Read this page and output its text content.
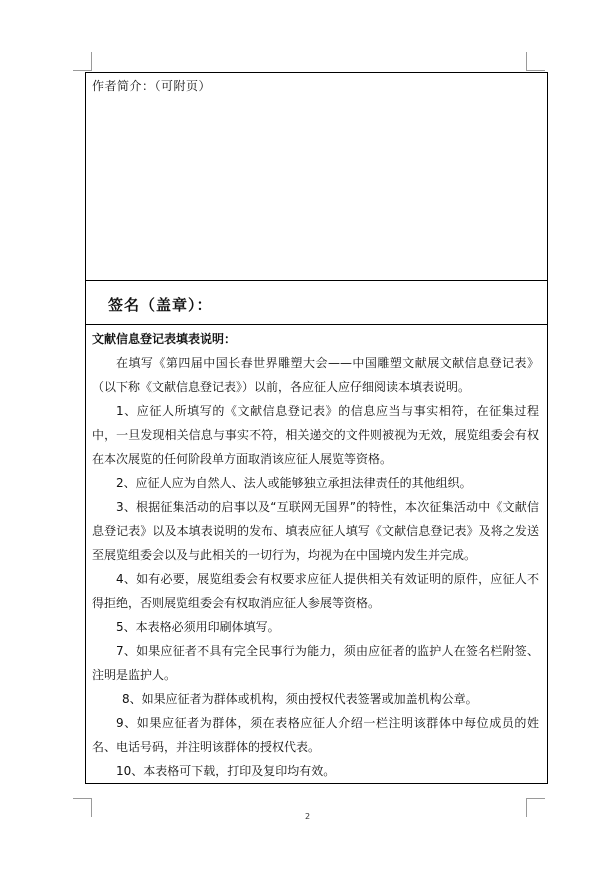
作者简介：（可附页）
签名（盖章）：
文献信息登记表填表说明：

在填写《第四届中国长春世界雕塑大会——中国雕塑文献展文献信息登记表》（以下称《文献信息登记表》）以前，各应征人应仔细阅读本填表说明。

1、应征人所填写的《文献信息登记表》的信息应当与事实相符，在征集过程中，一旦发现相关信息与事实不符，相关递交的文件则被视为无效，展览组委会有权在本次展览的任何阶段单方面取消该应征人展览等资格。

2、应征人应为自然人、法人或能够独立承担法律责任的其他组织。

3、根据征集活动的启事以及“互联网无国界”的特性，本次征集活动中《文献信息登记表》以及本填表说明的发布、填表应征人填写《文献信息登记表》及将之发送至展览组委会以及与此相关的一切行为，均视为在中国境内发生并完成。

4、如有必要，展览组委会有权要求应征人提供相关有效证明的原件，应征人不得拒绝，否则展览组委会有权取消应征人参展等资格。

5、本表格必须用印刷体填写。

7、如果应征者不具有完全民事行为能力，须由应征者的监护人在签名栏附签、注明是监护人。

8、如果应征者为群体或机构，须由授权代表签署或加盖机构公章。

9、如果应征者为群体，须在表格应征人介绍一栏注明该群体中每位成员的姓名、电话号码，并注明该群体的授权代表。

10、本表格可下载，打印及复印均有效。

2
